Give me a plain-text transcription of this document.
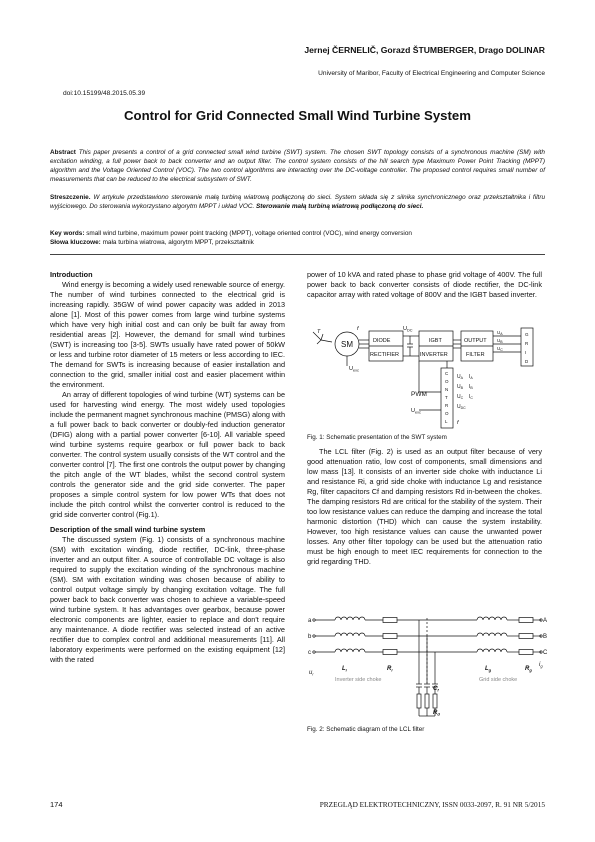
Jernej ČERNELIČ, Gorazd ŠTUMBERGER, Drago DOLINAR
University of Maribor, Faculty of Electrical Engineering and Computer Science
doi:10.15199/48.2015.05.39
Control for Grid Connected Small Wind Turbine System
Abstract This paper presents a control of a grid connected small wind turbine (SWT) system. The chosen SWT topology consists of a synchronous machine (SM) with excitation winding, a full power back to back converter and an output filter. The control system consists of the hill search type Maximum Power Point Tracking (MPPT) algorithm and the Voltage Oriented Control (VOC). The two control algorithms are interacting over the DC-voltage controller. The proposed control requires small number of measurements that can be reduced to the electrical subsystem of SWT.
Streszczenie. W artykule przedstawiono sterowanie małą turbiną wiatrową podłączoną do sieci. System składa się z silnika synchronicznego oraz przekształtnika i filtru wyjściowego. Do sterowania wykorzystano algorytm MPPT i układ VOC. Sterowanie małą turbiną wiatrową podłączoną do sieci.
Key words: small wind turbine, maximum power point tracking (MPPT), voltage oriented control (VOC), wind energy conversion
Słowa kluczowe: mała turbina wiatrowa, algorytm MPPT, przekształtnik
Introduction

Wind energy is becoming a widely used renewable source of energy. The number of wind turbines connected to the electrical grid is increasing rapidly. 35GW of wind power capacity was added in 2013 alone [1]. Most of this power comes from large wind turbine systems which have very high initial cost and can only be built far away from residential areas [2]. However, the demand for small wind turbines (SWT) is increasing too [3-5]. SWTs usually have rated power of 50kW or less and turbine rotor diameter of 15 meters or less according to IEC. The demand for SWTs is increasing because of easier installation and connection to the grid, smaller initial cost and easier placement within the environment.

An array of different topologies of wind turbine (WT) systems can be used for harvesting wind energy. The most widely used topologies include the permanent magnet synchronous machine (PMSG) along with a full power back to back converter or doubly-fed induction generator (DFIG) along with a partial power converter [6-10]. All variable speed wind turbine systems require gearbox or full power back to back converter. The control system usually consists of the WT control and the converter control [7]. The first one controls the output power by changing the pitch angle of the WT blades, whilst the second control system controls the generator side and the grid side converter. The paper proposes a simple control system for low power WTs that does not include the pitch control whilst the converter control is reduced to the grid side converter control (Fig.1).

Description of the small wind turbine system

The discussed system (Fig. 1) consists of a synchronous machine (SM) with excitation winding, diode rectifier, DC-link, three-phase inverter and an output filter. A source of controllable DC voltage is also required to supply the excitation winding of the synchronous machine (SM). SM with excitation winding was chosen because of ability to control output voltage simply by changing excitation voltage. The full power back to back converter was chosen to achieve a variable-speed wind turbine system. It has advantages over gearbox, because power electronic components are lighter, easier to replace and don't require any maintenance. A diode rectifier was selected instead of an active rectifier due to complex control and additional measurements [11]. All laboratory experiments were performed on the existing equipment [12] with the rated

power of 10 kVA and rated phase to phase grid voltage of 400V. The full power back to back converter consists of diode rectifier, the DC-link capacitor array with rated voltage of 800V and the IGBT based inverter.

SM	DIODE
RECTIFIER
IGBT
INVERTER
OUTPUT
FILTER
$U_{DC}$
PWM
$U_{exc}$
$U_{exc}$
T	f
f
G
R
I
D
C
O
N
T
R
O
L
$U_A$
$U_B$
$U_C$
$U_{DC}$
$I_A$
$I_B$
$I_C$
$U_A$
$U_B$
$U_C$
Fig. 1: Schematic presentation of the SWT system

The LCL filter (Fig. 2) is used as an output filter because of very good attenuation ratio, low cost of components, small dimensions and low mass [13]. It consists of an inverter side choke with inductance Li and resistance Ri, a grid side choke with inductance Lg and resistance Rg, filter capacitors Cf and damping resistors Rd in-between the chokes. The damping resistors Rd are critical for the stability of the system. Their too low resistance values can reduce the damping and increase the total harmonic distortion (THD) which can cause the system instability. However, too high resistance values can cause the unwanted power losses. Any other filter topology can be used but the attenuation ratio must be high enough to meet IEC requirements for connection to the grid regarding THD.

$L_i$	$R_i$	$L_g$	$R_g$
$C_f$
$R_d$
$u_i$
$i_g$
Inverter side choke	Grid side choke
a
b
c
A
B
C
Fig. 2: Schematic diagram of the LCL filter
174	PRZEGLĄD ELEKTROTECHNICZNY, ISSN 0033-2097, R. 91 NR 5/2015
